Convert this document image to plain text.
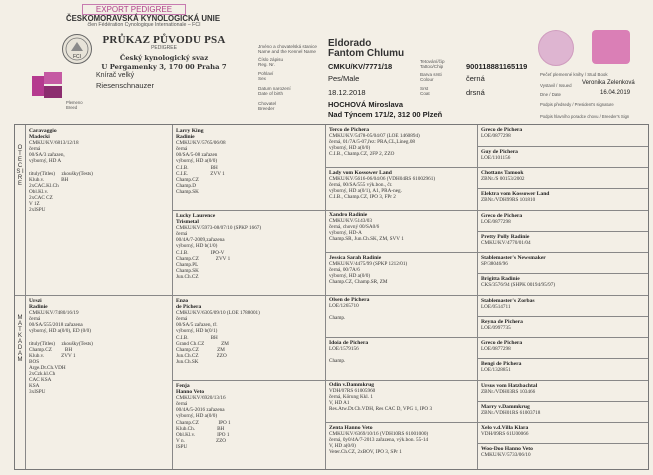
EXPORT PEDIGREE
ČESKOMORAVSKÁ KYNOLOGICKÁ UNIE
člen Fédération Cynologique Internationale – FCI
FCI
PRŮKAZ PŮVODU PSA
PEDIGREE
Český kynologický svaz
U Pergamenky 3, 170 00 Praha 7
Plemeno Breed
Knírač velký
Riesenschnauzer
Jméno a chovatelská stanice
Name and the Kennel Name
Číslo zápisu
Reg. Nr.
Pohlaví
Sex
Datum narození
Date of birth
Chovatel
Breeder
Eldorado
Fantom Chlumu
CMKU/KV/7771/18
Pes/Male
18.12.2018
HOCHOVÁ Miroslava
Nad Týncem 171/2, 312 00 Plzeň
Tetování/čip
Tattoo/Chip
Barva srsti
Colour
Srst
Coat
900118881165119
černá
drsná
Pečeť plemenné knihy / Stud Book
Vystavil / Issued	Veronika Zelenková
Dne / Date	16.04.2019
Podpis předsedy / President's signature
Podpis hlavního poradce chovu / Breeder's Sign
O T E C S I R E
M A T K A D A M
Caravaggio
Madecki
CMKU/KV/6813/12/18
černá
00/SA/3 zařazen,
výborný, HD A
tituly(Titles)     zkoušky(Tests)
Klub.v.             BH
2xCAC.Kl.Ch
Obl.Kl.v.
2xCAC CZ
V 1Z
2xISPU
Urszi
Radinie
CMKU/KV/7480/16/19
černá
00/SA/555/2018 zařazena
výborný, HD a(0/0), ED (0/0)
tituly(Titles)     zkoušky(Tests)
Champ.CZ          BH
Klub.v.             ZVV 1
BOS
Arge.Dt.Ch.VDH
2xCzk.kl.Ch
CAC KSA
KSA
3xISPU
Larry King
Radinie
CMKU/KV/5765/06/08
černá
00/SA/5-08 zařazen
výborný, HD a(0/0)
C.I.B.                 BH
C.I.E.                 ZVV 1
Champ.CZ
Champ.D
Champ.SK
Lucky Laurence
Trismetal
CMKU/KV/5973-08/07/10 (SPKP 1667)
černá
00/4A/7-2009,zařazena
výborný, HD b(1/0)
C.I.B.                 IPO-V
Champ.CZ             ZVV 1
Champ.PL
Champ.SK
Jun.Ch.CZ
Enzo
de Pichera
CMKU/KV/6305/09/10 (LOE 1788001)
černá
00/SA/5 zařazen, tř.
výborný, HD b(0/1)
C.I.B.                 BH
Grand Ch.CZ             ZM
Champ.CZ              ZM
Jun.Ch.CZ              ZZO
Jun.Ch.SK
Fenja
Hanno Veto
CMKU/KV/6920/13/16
černá
00/4A/5-2016 zařazena
výborný, HD a(0/0)
Champ.CZ               IPO 1
Klub.Ch.                 BH
Obl.Kl.v.                 IPO 1
V n.                        ZZO
ISPU
Terco de Pichera
CMKU/KV/5478-05/04/07 (LOE 1460894)
černá, 01/7A/5-07,řez: PRA,CL,Lineg.08
výborný, HD a(0/0)
C.I.B., Champ.CZ, 2FP 2, ZZO
Lady vom Kossower Land
CMKU/KV/5616-06/04/06 (VDH04RS 61002961)
černá, 00/SA/555 výk.bon., čr.
výborný, HD a(0/1), A1, PRA-neg.
C.I.B., Champ.CZ, IPO 3, FPr 2
Xandro Radinie
CMKU/KV/5143/03
černá, chovný 00/SA0/6
výborný, HD-A
Champ.SR, Jun.Ch.SK, ZM, SVV 1
Jessica Sarah Radinie
CMKU/KV/4475/99 (SPKP 1212/01)
černá, 00/7A/6
výborný, HD a(0/0)
Champ.CZ, Champ.SR, ZM
Olsen de Pichera
LOE/1265710
Champ.
Idoia de Pichera
LOE/1579156
Champ.
Odin v.Dammkrug
VDH/07RS 61005960
černá, Körung Kkl. 1
V, HD A1
Res.Atw.Dt.Ch.VDH, Res CAC D, VPG 1, IPO 3
Zenta Hanno Veto
CMKU/KV/6369/10/16 (VDH10RS 61001000)
černá, 0y0/4A/7-2013 zařazena, výk.bon. 55-14
V, HD a(0/0)
Veter.Ch.CZ, 2xBOV, IPO 3, SPr 1
Greco de Pichera
LOE/0877298
Guy de Pichera
LOE/1101156
Chottans Tamook
ZBNr./S 00153/2002
Elektra vom Kossower Land
ZBNr./VDH99RS 101810
Greco de Pichera
LOE/0877298
Pretty Polly Radinie
CMKU/KV/4770/01/04
Stablemaster's Newsmaker
SP/38046/96
Brigitta Radinie
CKS/3576/94 (SHPK 00194/95/97)
Stablemaster's Zorbas
LOE/0514711
Reyna de Pichera
LOE/0997735
Greco de Pichera
LOE/0877298
Bengi de Pichera
LOE/1328851
Ursus vom Hatzbachtal
ZBNr./VDH03RS 103466
Marry v.Dammkrug
ZBNr./VDH01RS 61003718
Xelo v.d.Villa Klara
VDH/09RS 61U00066
Woo-Doo Hanno Veto
CMKU/KV/5733/06/10
